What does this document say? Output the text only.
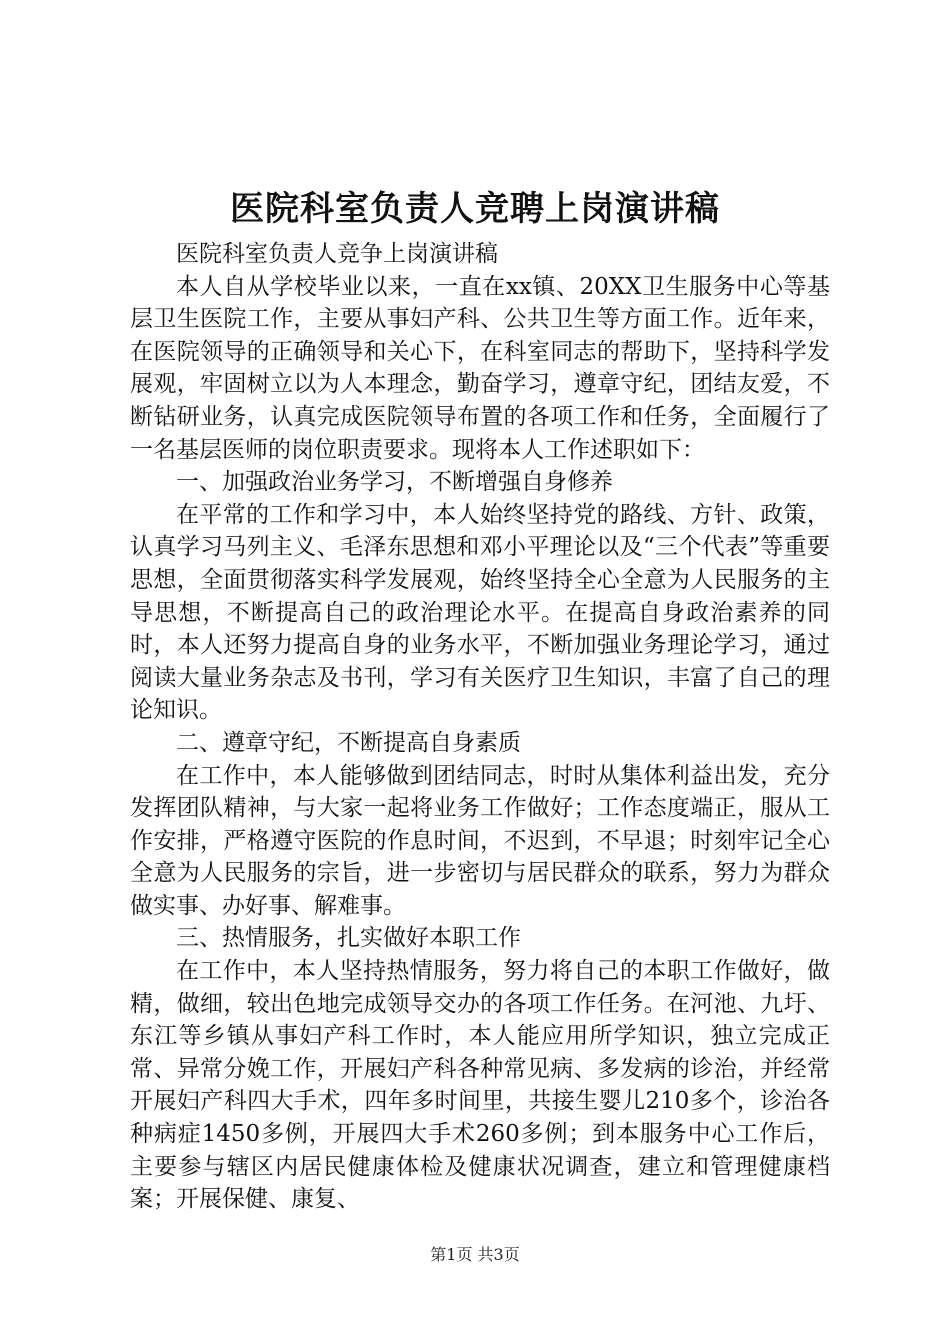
医院科室负责人竞聘上岗演讲稿

医院科室负责人竞争上岗演讲稿

本人自从学校毕业以来，一直在xx镇、20XX卫生服务中心等基层卫生医院工作，主要从事妇产科、公共卫生等方面工作。近年来，在医院领导的正确领导和关心下，在科室同志的帮助下，坚持科学发展观，牢固树立以为人本理念，勤奋学习，遵章守纪，团结友爱，不断钻研业务，认真完成医院领导布置的各项工作和任务，全面履行了一名基层医师的岗位职责要求。现将本人工作述职如下：

一、加强政治业务学习，不断增强自身修养

在平常的工作和学习中，本人始终坚持党的路线、方针、政策，认真学习马列主义、毛泽东思想和邓小平理论以及“三个代表”等重要思想，全面贯彻落实科学发展观，始终坚持全心全意为人民服务的主导思想，不断提高自己的政治理论水平。在提高自身政治素养的同时，本人还努力提高自身的业务水平，不断加强业务理论学习，通过阅读大量业务杂志及书刊，学习有关医疗卫生知识，丰富了自己的理论知识。

二、遵章守纪，不断提高自身素质

在工作中，本人能够做到团结同志，时时从集体利益出发，充分发挥团队精神，与大家一起将业务工作做好；工作态度端正，服从工作安排，严格遵守医院的作息时间，不迟到，不早退；时刻牢记全心全意为人民服务的宗旨，进一步密切与居民群众的联系，努力为群众做实事、办好事、解难事。

三、热情服务，扎实做好本职工作

在工作中，本人坚持热情服务，努力将自己的本职工作做好，做精，做细，较出色地完成领导交办的各项工作任务。在河池、九圩、东江等乡镇从事妇产科工作时，本人能应用所学知识，独立完成正常、异常分娩工作，开展妇产科各种常见病、多发病的诊治，并经常开展妇产科四大手术，四年多时间里，共接生婴儿210多个，诊治各种病症1450多例，开展四大手术260多例；到本服务中心工作后，主要参与辖区内居民健康体检及健康状况调查，建立和管理健康档案；开展保健、康复、

第1页 共3页
